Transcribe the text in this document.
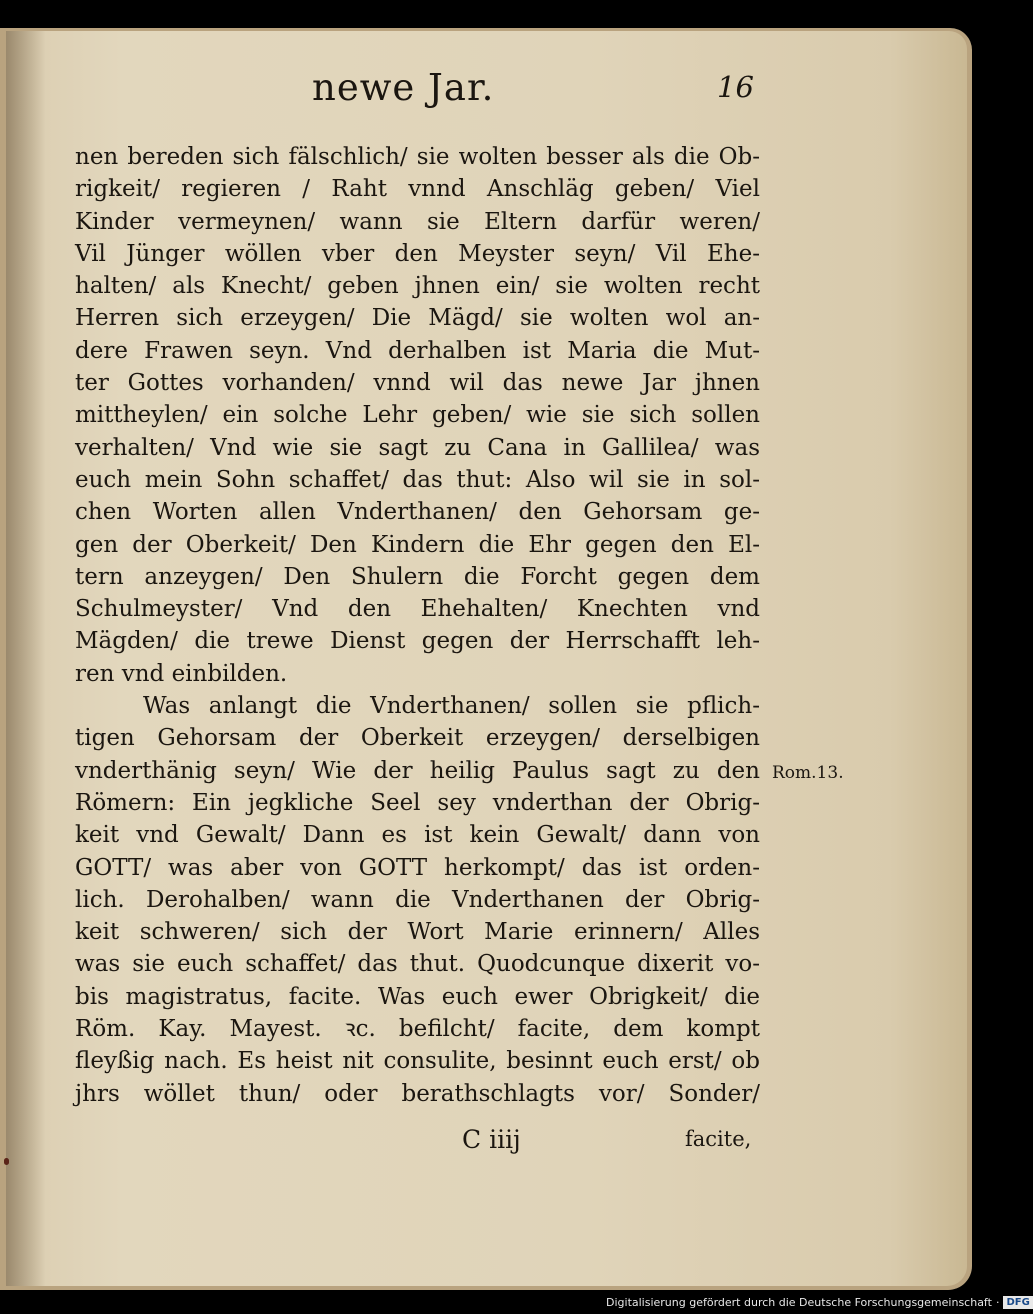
newe Jar.	16
nen bereden sich fälschlich/ sie wolten besser als die Ob-
rigkeit/ regieren / Raht vnnd Anschläg geben/ Viel
Kinder vermeynen/ wann sie Eltern darfür weren/
Vil Jünger wöllen vber den Meyster seyn/ Vil Ehe-
halten/ als Knecht/ geben jhnen ein/ sie wolten recht
Herren sich erzeygen/ Die Mägd/ sie wolten wol an-
dere Frawen seyn. Vnd derhalben ist Maria die Mut-
ter Gottes vorhanden/ vnnd wil das newe Jar jhnen
mittheylen/ ein solche Lehr geben/ wie sie sich sollen
verhalten/ Vnd wie sie sagt zu Cana in Gallilea/ was
euch mein Sohn schaffet/ das thut: Also wil sie in sol-
chen Worten allen Vnderthanen/ den Gehorsam ge-
gen der Oberkeit/ Den Kindern die Ehr gegen den El-
tern anzeygen/ Den Shulern die Forcht gegen dem
Schulmeyster/ Vnd den Ehehalten/ Knechten vnd
Mägden/ die trewe Dienst gegen der Herrschafft leh-
ren vnd einbilden.
Was anlangt die Vnderthanen/ sollen sie pflich-
tigen Gehorsam der Oberkeit erzeygen/ derselbigen
vnderthänig seyn/ Wie der heilig Paulus sagt zu den
Römern: Ein jegkliche Seel sey vnderthan der Obrig-
keit vnd Gewalt/ Dann es ist kein Gewalt/ dann von
GOTT/ was aber von GOTT herkompt/ das ist orden-
lich. Derohalben/ wann die Vnderthanen der Obrig-
keit schweren/ sich der Wort Marie erinnern/ Alles
was sie euch schaffet/ das thut. Quodcunque dixerit vo-
bis magistratus, facite. Was euch ewer Obrigkeit/ die
Röm. Kay. Mayest. ꝛc. befilcht/ facite, dem kompt
fleyßig nach. Es heist nit consulite, besinnt euch erst/ ob
jhrs wöllet thun/ oder berathschlagts vor/ Sonder/
Rom.13.
C iiij	facite,
Digitalisierung gefördert durch die Deutsche Forschungsgemeinschaft · DFG
